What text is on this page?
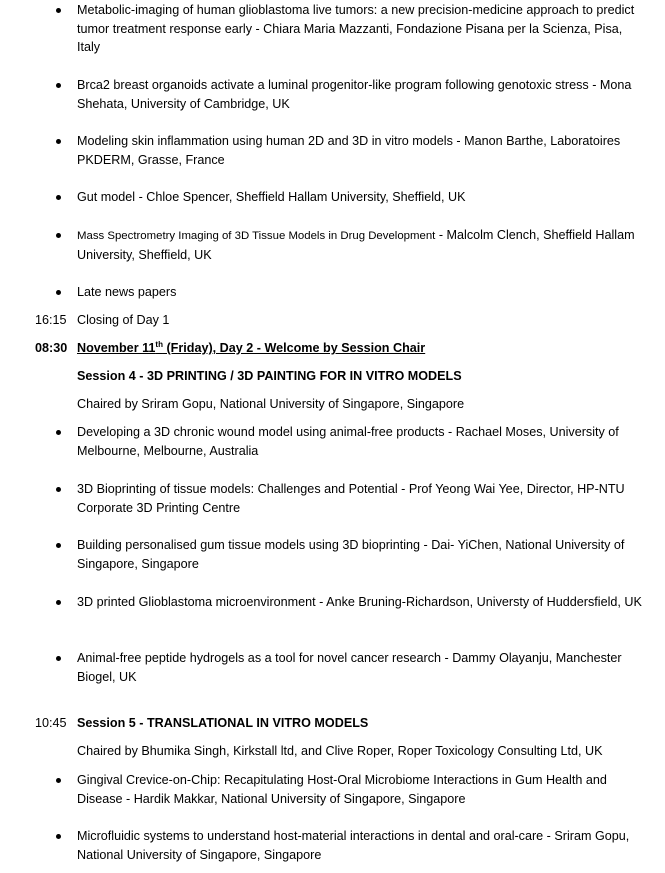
Metabolic-imaging of human glioblastoma live tumors: a new precision-medicine approach to predict tumor treatment response early - Chiara Maria Mazzanti, Fondazione Pisana per la Scienza, Pisa, Italy
Brca2 breast organoids activate a luminal progenitor-like program following genotoxic stress - Mona Shehata, University of Cambridge, UK
Modeling skin inflammation using human 2D and 3D in vitro models - Manon Barthe, Laboratoires PKDERM, Grasse, France
Gut model - Chloe Spencer, Sheffield Hallam University, Sheffield, UK
Mass Spectrometry Imaging of 3D Tissue Models in Drug Development - Malcolm Clench, Sheffield Hallam University, Sheffield, UK
Late news papers
16:15 Closing of Day 1
08:30 November 11th (Friday), Day 2 - Welcome by Session Chair
Session 4 - 3D PRINTING / 3D PAINTING FOR IN VITRO MODELS
Chaired by Sriram Gopu, National University of Singapore, Singapore
Developing a 3D chronic wound model using animal-free products - Rachael Moses, University of Melbourne, Melbourne, Australia
3D Bioprinting of tissue models: Challenges and Potential - Prof Yeong Wai Yee, Director, HP-NTU Corporate 3D Printing Centre
Building personalised gum tissue models using 3D bioprinting - Dai- YiChen, National University of Singapore, Singapore
3D printed Glioblastoma microenvironment - Anke Bruning-Richardson, Universty of Huddersfield, UK
Animal-free peptide hydrogels as a tool for novel cancer research - Dammy Olayanju, Manchester Biogel, UK
10:45 Session 5 - TRANSLATIONAL IN VITRO MODELS
Chaired by Bhumika Singh, Kirkstall ltd, and Clive Roper, Roper Toxicology Consulting Ltd, UK
Gingival Crevice-on-Chip: Recapitulating Host-Oral Microbiome Interactions in Gum Health and Disease - Hardik Makkar, National University of Singapore, Singapore
Microfluidic systems to understand host-material interactions in dental and oral-care - Sriram Gopu, National University of Singapore, Singapore
